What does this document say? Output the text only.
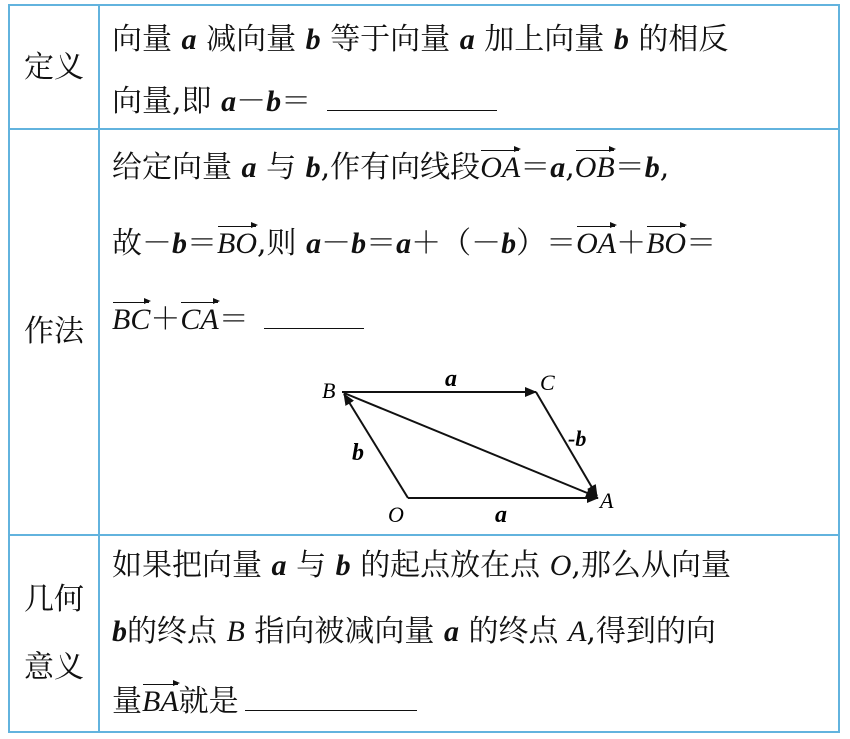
定义
向量 a 减向量 b 等于向量 a 加上向量 b 的相反
向量,即 a－b＝
作法
给定向量 a 与 b,作有向线段OA＝a,OB＝b,
故－b＝BO,则 a－b＝a＋（－b）＝OA＋BO＝
BC＋CA＝
B	C
O
A
a
a
b
-b
几何
意义
如果把向量 a 与 b 的起点放在点 O,那么从向量
b的终点 B 指向被减向量 a 的终点 A,得到的向
量BA就是
